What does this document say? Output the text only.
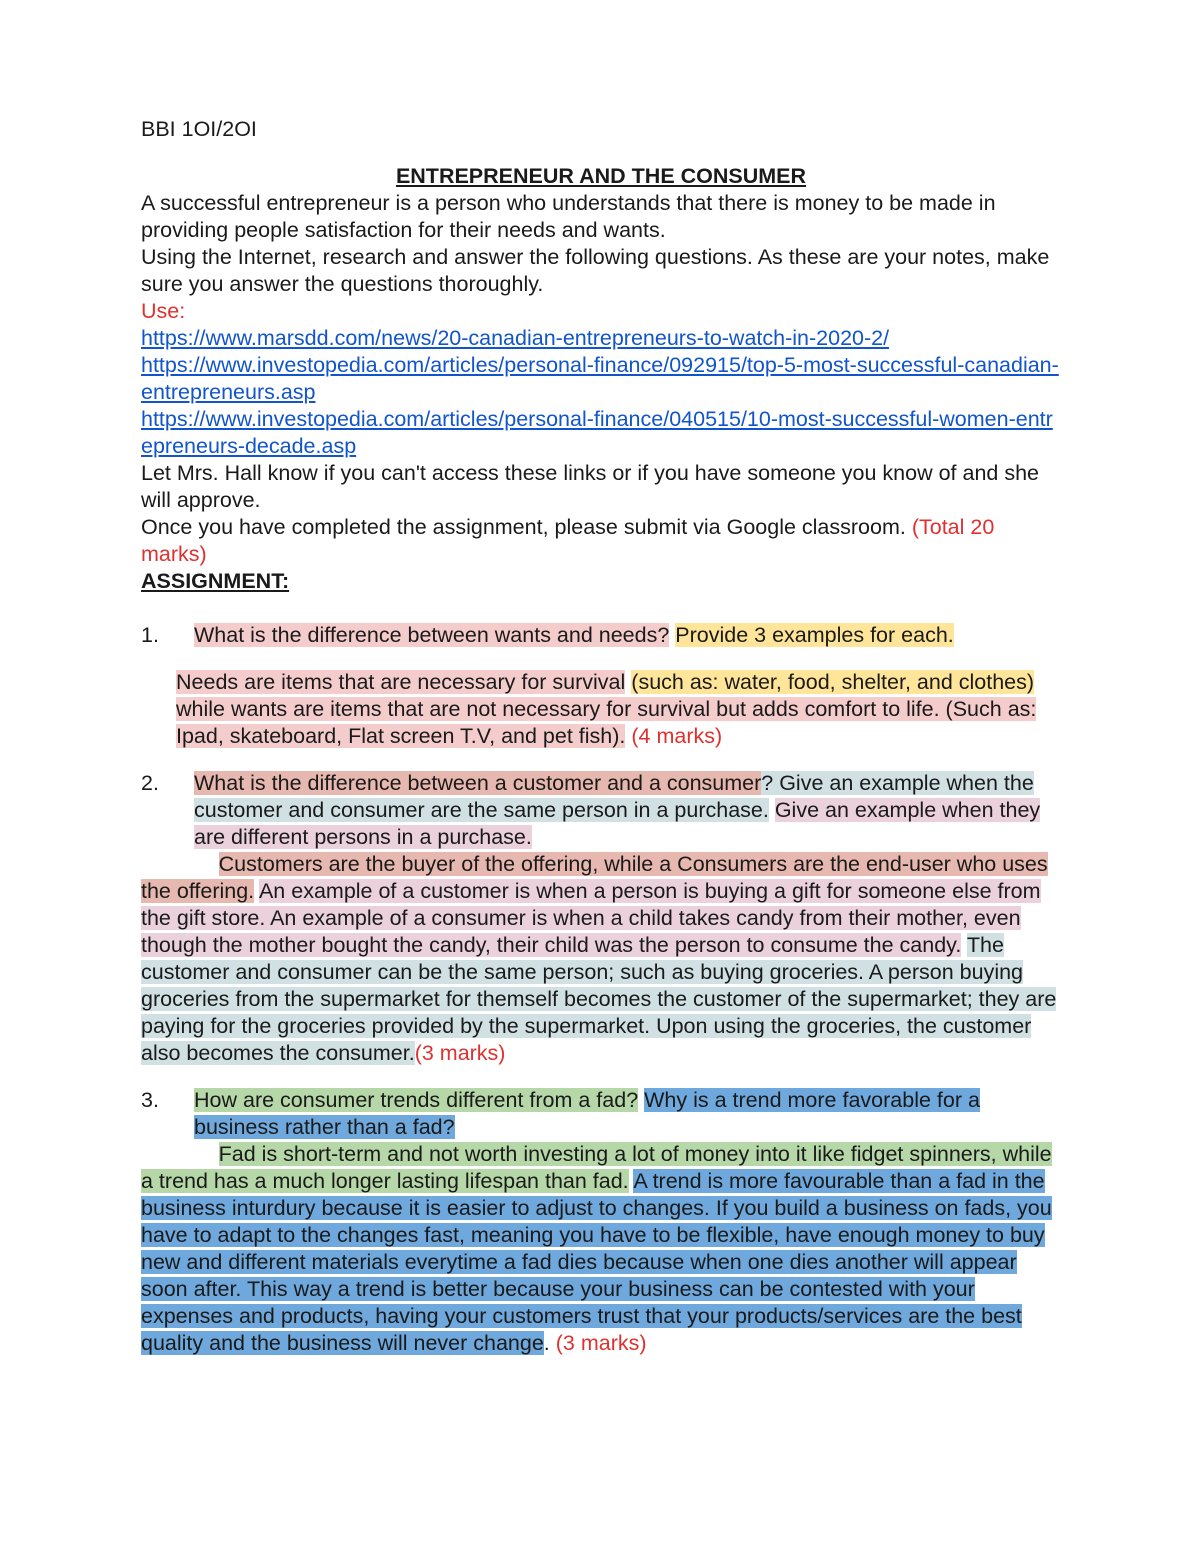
BBI 1OI/2OI

ENTREPRENEUR AND THE CONSUMER

A successful entrepreneur is a person who understands that there is money to be made in providing people satisfaction for their needs and wants.

Using the Internet, research and answer the following questions. As these are your notes, make sure you answer the questions thoroughly.

Use:

https://www.marsdd.com/news/20-canadian-entrepreneurs-to-watch-in-2020-2/

https://www.investopedia.com/articles/personal-finance/092915/top-5-most-successful-canadian-entrepreneurs.asp

https://www.investopedia.com/articles/personal-finance/040515/10-most-successful-women-entrepreneurs-decade.asp

Let Mrs. Hall know if you can't access these links or if you have someone you know of and she will approve.

Once you have completed the assignment, please submit via Google classroom. (Total 20 marks)

ASSIGNMENT:

1.	What is the difference between wants and needs? Provide 3 examples for each.

Needs are items that are necessary for survival (such as: water, food, shelter, and clothes) while wants are items that are not necessary for survival but adds comfort to life. (Such as: Ipad, skateboard, Flat screen T.V, and pet fish). (4 marks)

2.	What is the difference between a customer and a consumer? Give an example when the customer and consumer are the same person in a purchase. Give an example when they are different persons in a purchase.

Customers are the buyer of the offering, while a Consumers are the end-user who uses the offering. An example of a customer is when a person is buying a gift for someone else from the gift store. An example of a consumer is when a child takes candy from their mother, even though the mother bought the candy, their child was the person to consume the candy. The customer and consumer can be the same person; such as buying groceries. A person buying groceries from the supermarket for themself becomes the customer of the supermarket; they are paying for the groceries provided by the supermarket. Upon using the groceries, the customer also becomes the consumer.(3 marks)

3.	How are consumer trends different from a fad? Why is a trend more favorable for a business rather than a fad?

Fad is short-term and not worth investing a lot of money into it like fidget spinners, while a trend has a much longer lasting lifespan than fad. A trend is more favourable than a fad in the business inturdury because it is easier to adjust to changes. If you build a business on fads, you have to adapt to the changes fast, meaning you have to be flexible, have enough money to buy new and different materials everytime a fad dies because when one dies another will appear soon after. This way a trend is better because your business can be contested with your expenses and products, having your customers trust that your products/services are the best quality and the business will never change. (3 marks)
